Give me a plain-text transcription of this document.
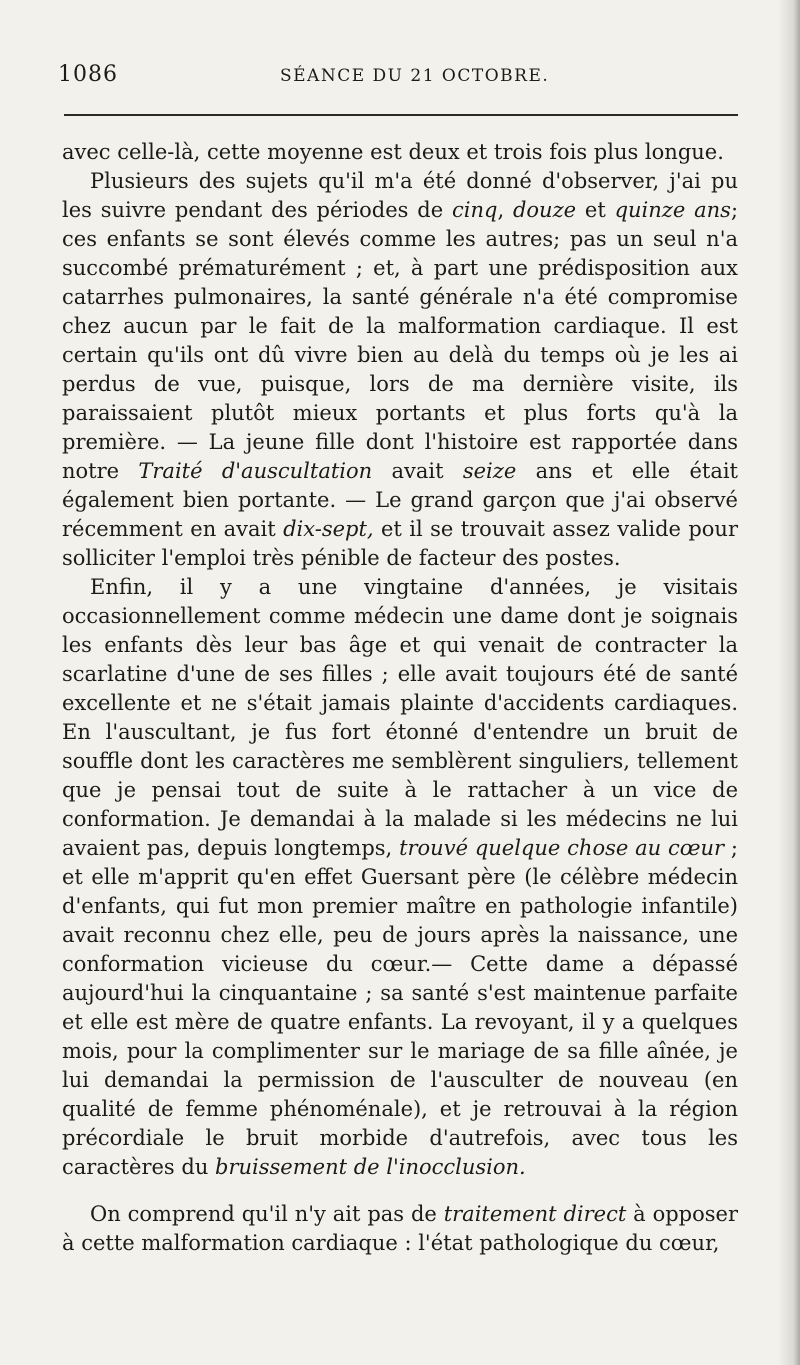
1086	SÉANCE DU 21 OCTOBRE.

avec celle-là, cette moyenne est deux et trois fois plus longue.

Plusieurs des sujets qu'il m'a été donné d'observer, j'ai pu les suivre pendant des périodes de cinq, douze et quinze ans; ces enfants se sont élevés comme les autres; pas un seul n'a succombé prématurément ; et, à part une prédisposition aux catarrhes pulmonaires, la santé générale n'a été compromise chez aucun par le fait de la malformation cardiaque. Il est certain qu'ils ont dû vivre bien au delà du temps où je les ai perdus de vue, puisque, lors de ma dernière visite, ils paraissaient plutôt mieux portants et plus forts qu'à la première. — La jeune fille dont l'histoire est rapportée dans notre Traité d'auscultation avait seize ans et elle était également bien portante. — Le grand garçon que j'ai observé récemment en avait dix-sept, et il se trouvait assez valide pour solliciter l'emploi très pénible de facteur des postes.

Enfin, il y a une vingtaine d'années, je visitais occasionnellement comme médecin une dame dont je soignais les enfants dès leur bas âge et qui venait de contracter la scarlatine d'une de ses filles ; elle avait toujours été de santé excellente et ne s'était jamais plainte d'accidents cardiaques. En l'auscultant, je fus fort étonné d'entendre un bruit de souffle dont les caractères me semblèrent singuliers, tellement que je pensai tout de suite à le rattacher à un vice de conformation. Je demandai à la malade si les médecins ne lui avaient pas, depuis longtemps, trouvé quelque chose au cœur ; et elle m'apprit qu'en effet Guersant père (le célèbre médecin d'enfants, qui fut mon premier maître en pathologie infantile) avait reconnu chez elle, peu de jours après la naissance, une conformation vicieuse du cœur.— Cette dame a dépassé aujourd'hui la cinquantaine ; sa santé s'est maintenue parfaite et elle est mère de quatre enfants. La revoyant, il y a quelques mois, pour la complimenter sur le mariage de sa fille aînée, je lui demandai la permission de l'ausculter de nouveau (en qualité de femme phénoménale), et je retrouvai à la région précordiale le bruit morbide d'autrefois, avec tous les caractères du bruissement de l'inocclusion.

On comprend qu'il n'y ait pas de traitement direct à opposer à cette malformation cardiaque : l'état pathologique du cœur,
